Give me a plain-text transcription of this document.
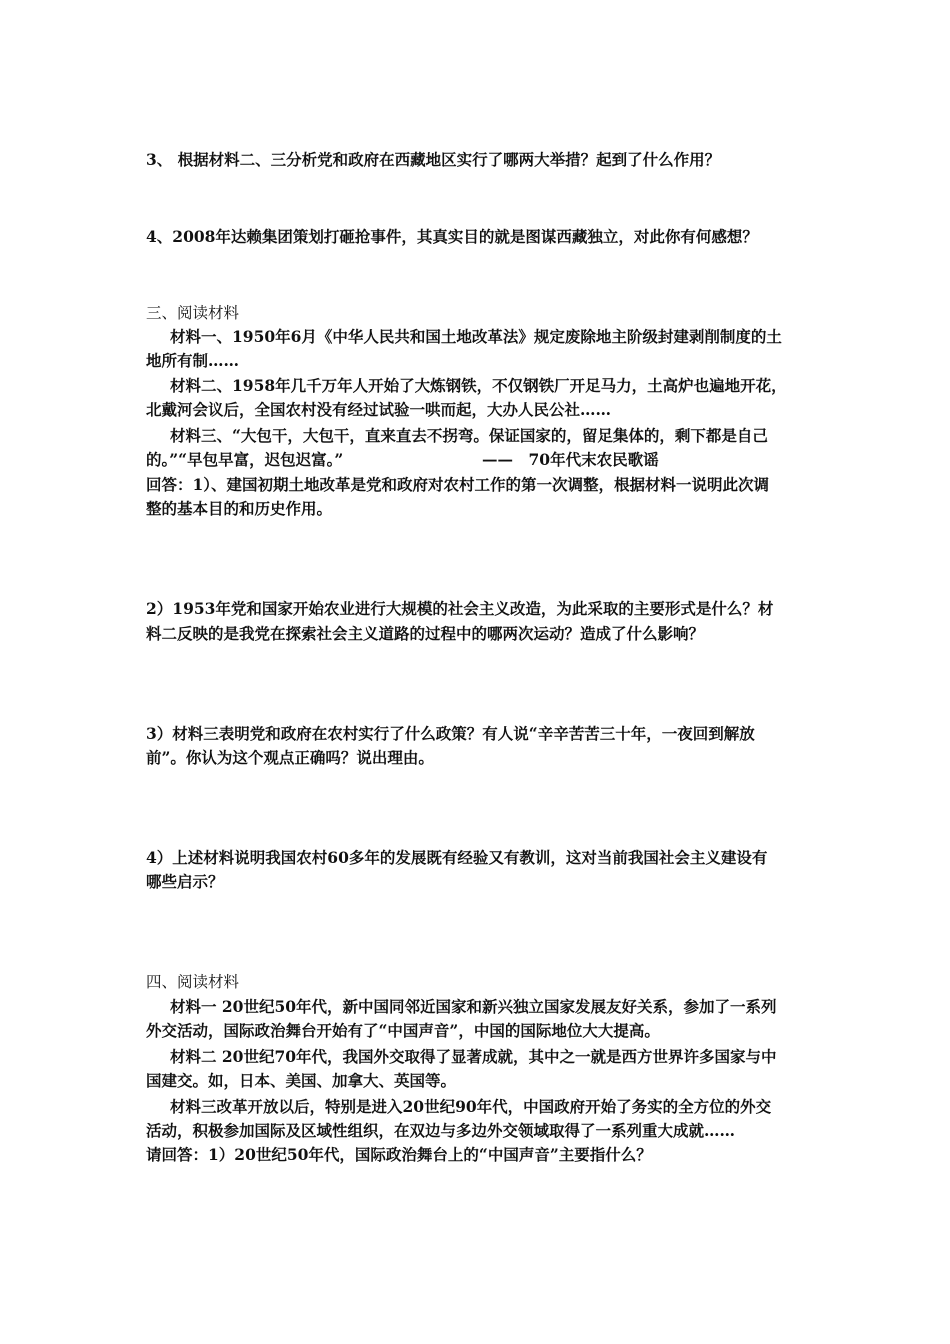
3、 根据材料二、三分析党和政府在西藏地区实行了哪两大举措？起到了什么作用？
4、2008年达赖集团策划打砸抢事件，其真实目的就是图谋西藏独立，对此你有何感想？
三、阅读材料
材料一、1950年6月《中华人民共和国土地改革法》规定废除地主阶级封建剥削制度的土
地所有制……
材料二、1958年几千万年人开始了大炼钢铁，不仅钢铁厂开足马力，土高炉也遍地开花，
北戴河会议后，全国农村没有经过试验一哄而起，大办人民公社……
材料三、“大包干，大包干，直来直去不拐弯。保证国家的，留足集体的，剩下都是自己
的。”“早包早富，迟包迟富。”	——　70年代末农民歌谣
回答：1）、建国初期土地改革是党和政府对农村工作的第一次调整，根据材料一说明此次调
整的基本目的和历史作用。
2）1953年党和国家开始农业进行大规模的社会主义改造，为此采取的主要形式是什么？材
料二反映的是我党在探索社会主义道路的过程中的哪两次运动？造成了什么影响？
3）材料三表明党和政府在农村实行了什么政策？有人说“辛辛苦苦三十年，一夜回到解放
前”。你认为这个观点正确吗？说出理由。
4）上述材料说明我国农村60多年的发展既有经验又有教训，这对当前我国社会主义建设有
哪些启示？
四、阅读材料
材料一 20世纪50年代，新中国同邻近国家和新兴独立国家发展友好关系，参加了一系列
外交活动，国际政治舞台开始有了“中国声音”，中国的国际地位大大提高。
材料二 20世纪70年代，我国外交取得了显著成就，其中之一就是西方世界许多国家与中
国建交。如，日本、美国、加拿大、英国等。
材料三改革开放以后，特别是进入20世纪90年代，中国政府开始了务实的全方位的外交
活动，积极参加国际及区域性组织，在双边与多边外交领域取得了一系列重大成就……
请回答：1）20世纪50年代，国际政治舞台上的“中国声音”主要指什么？
